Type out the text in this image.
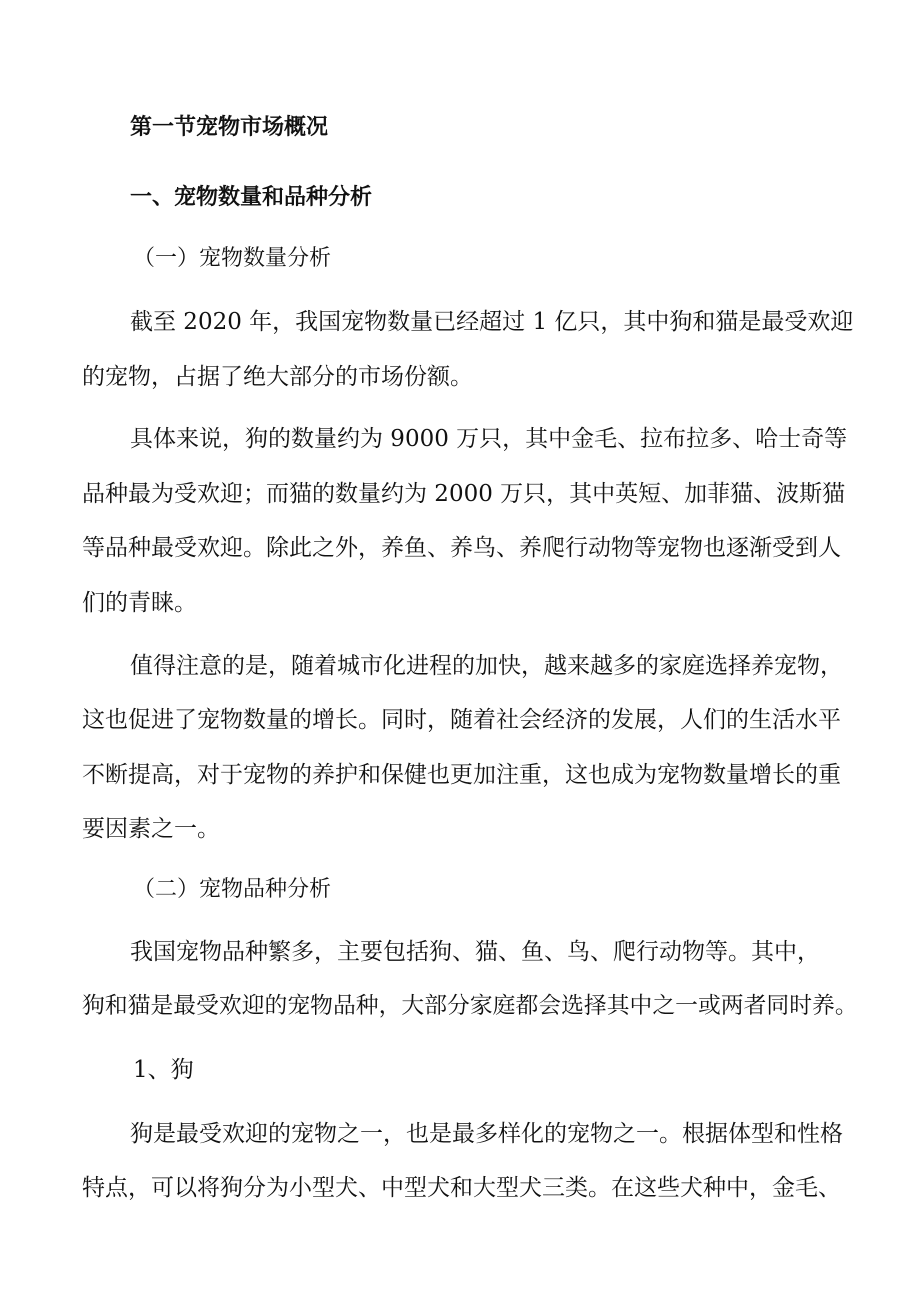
第一节宠物市场概况
一、宠物数量和品种分析
（一）宠物数量分析
截至 2020 年，我国宠物数量已经超过 1 亿只，其中狗和猫是最受欢迎
的宠物，占据了绝大部分的市场份额。
具体来说，狗的数量约为 9000 万只，其中金毛、拉布拉多、哈士奇等
品种最为受欢迎；而猫的数量约为 2000 万只，其中英短、加菲猫、波斯猫
等品种最受欢迎。除此之外，养鱼、养鸟、养爬行动物等宠物也逐渐受到人
们的青睐。
值得注意的是，随着城市化进程的加快，越来越多的家庭选择养宠物，
这也促进了宠物数量的增长。同时，随着社会经济的发展，人们的生活水平
不断提高，对于宠物的养护和保健也更加注重，这也成为宠物数量增长的重
要因素之一。
（二）宠物品种分析
我国宠物品种繁多，主要包括狗、猫、鱼、鸟、爬行动物等。其中，
狗和猫是最受欢迎的宠物品种，大部分家庭都会选择其中之一或两者同时养。
1、狗
狗是最受欢迎的宠物之一，也是最多样化的宠物之一。根据体型和性格
特点，可以将狗分为小型犬、中型犬和大型犬三类。在这些犬种中，金毛、
